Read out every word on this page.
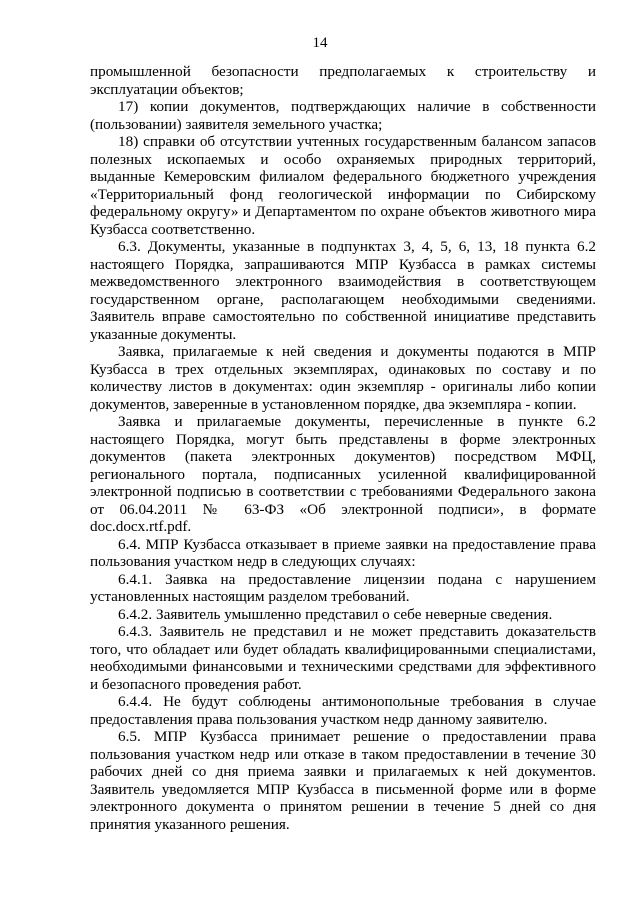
14

промышленной безопасности предполагаемых к строительству и эксплуатации объектов;

17) копии документов, подтверждающих наличие в собственности (пользовании) заявителя земельного участка;

18) справки об отсутствии учтенных государственным балансом запасов полезных ископаемых и особо охраняемых природных территорий, выданные Кемеровским филиалом федерального бюджетного учреждения «Территориальный фонд геологической информации по Сибирскому федеральному округу» и Департаментом по охране объектов животного мира Кузбасса соответственно.

6.3. Документы, указанные в подпунктах 3, 4, 5, 6, 13, 18 пункта 6.2 настоящего Порядка, запрашиваются МПР Кузбасса в рамках системы межведомственного электронного взаимодействия в соответствующем государственном органе, располагающем необходимыми сведениями. Заявитель вправе самостоятельно по собственной инициативе представить указанные документы.

Заявка, прилагаемые к ней сведения и документы подаются в МПР Кузбасса в трех отдельных экземплярах, одинаковых по составу и по количеству листов в документах: один экземпляр - оригиналы либо копии документов, заверенные в установленном порядке, два экземпляра - копии.

Заявка и прилагаемые документы, перечисленные в пункте 6.2 настоящего Порядка, могут быть представлены в форме электронных документов (пакета электронных документов) посредством МФЦ, регионального портала, подписанных усиленной квалифицированной электронной подписью в соответствии с требованиями Федерального закона от 06.04.2011 № 63-ФЗ «Об электронной подписи», в формате doc.docx.rtf.pdf.

6.4. МПР Кузбасса отказывает в приеме заявки на предоставление права пользования участком недр в следующих случаях:

6.4.1. Заявка на предоставление лицензии подана с нарушением установленных настоящим разделом требований.

6.4.2. Заявитель умышленно представил о себе неверные сведения.

6.4.3. Заявитель не представил и не может представить доказательств того, что обладает или будет обладать квалифицированными специалистами, необходимыми финансовыми и техническими средствами для эффективного и безопасного проведения работ.

6.4.4. Не будут соблюдены антимонопольные требования в случае предоставления права пользования участком недр данному заявителю.

6.5. МПР Кузбасса принимает решение о предоставлении права пользования участком недр или отказе в таком предоставлении в течение 30 рабочих дней со дня приема заявки и прилагаемых к ней документов. Заявитель уведомляется МПР Кузбасса в письменной форме или в форме электронного документа о принятом решении в течение 5 дней со дня принятия указанного решения.
